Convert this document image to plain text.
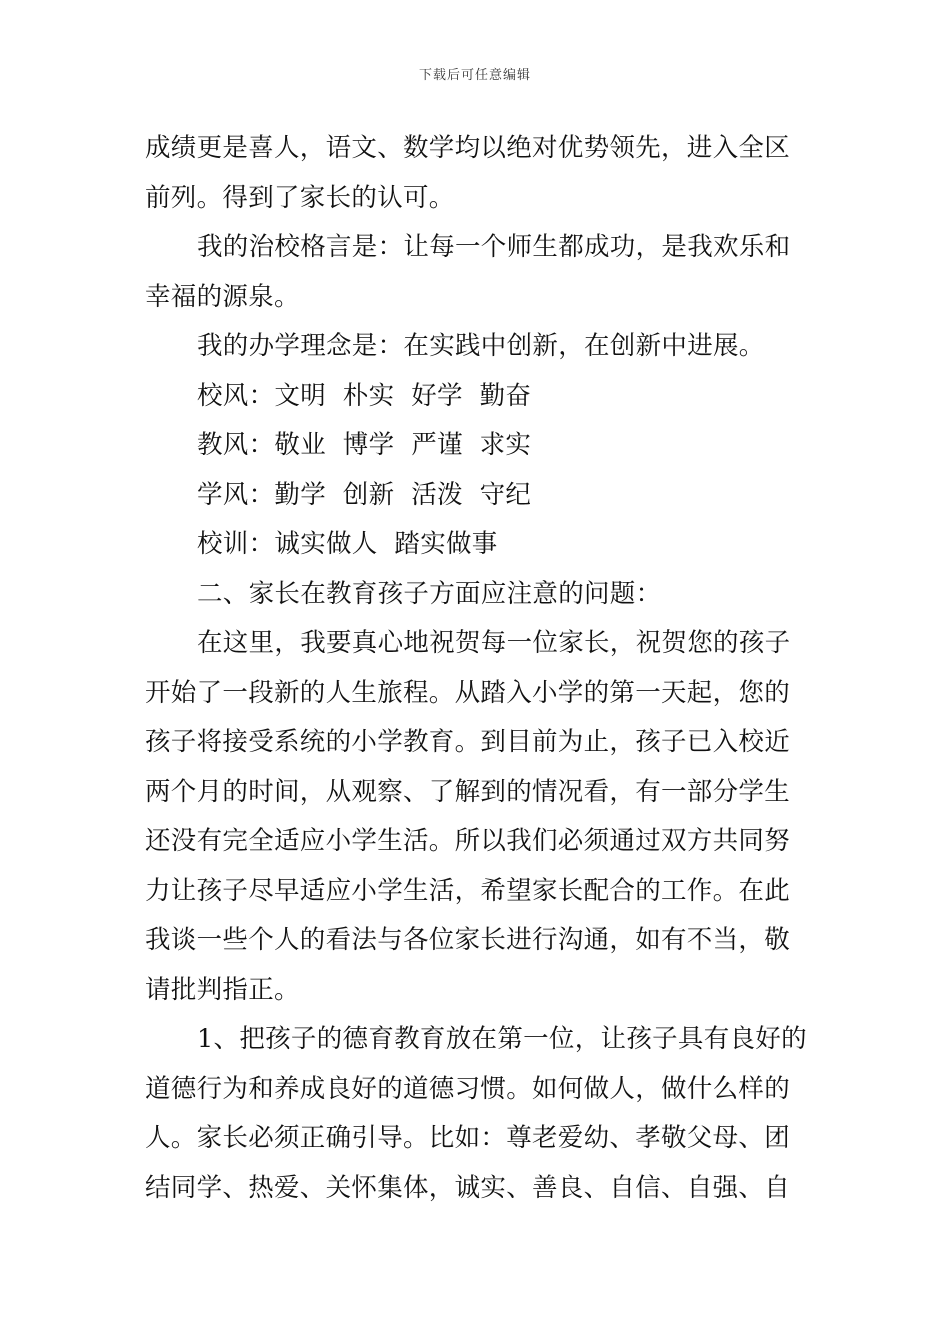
下载后可任意编辑
成绩更是喜人，语文、数学均以绝对优势领先，进入全区
前列。得到了家长的认可。
我的治校格言是：让每一个师生都成功，是我欢乐和
幸福的源泉。
我的办学理念是：在实践中创新，在创新中进展。
校风：文明  朴实  好学  勤奋
教风：敬业  博学  严谨  求实
学风：勤学  创新  活泼  守纪
校训：诚实做人  踏实做事
二、家长在教育孩子方面应注意的问题：
在这里，我要真心地祝贺每一位家长，祝贺您的孩子
开始了一段新的人生旅程。从踏入小学的第一天起，您的
孩子将接受系统的小学教育。到目前为止，孩子已入校近
两个月的时间，从观察、了解到的情况看，有一部分学生
还没有完全适应小学生活。所以我们必须通过双方共同努
力让孩子尽早适应小学生活，希望家长配合的工作。在此
我谈一些个人的看法与各位家长进行沟通，如有不当，敬
请批判指正。
1、把孩子的德育教育放在第一位，让孩子具有良好的
道德行为和养成良好的道德习惯。如何做人，做什么样的
人。家长必须正确引导。比如：尊老爱幼、孝敬父母、团
结同学、热爱、关怀集体，诚实、善良、自信、自强、自
